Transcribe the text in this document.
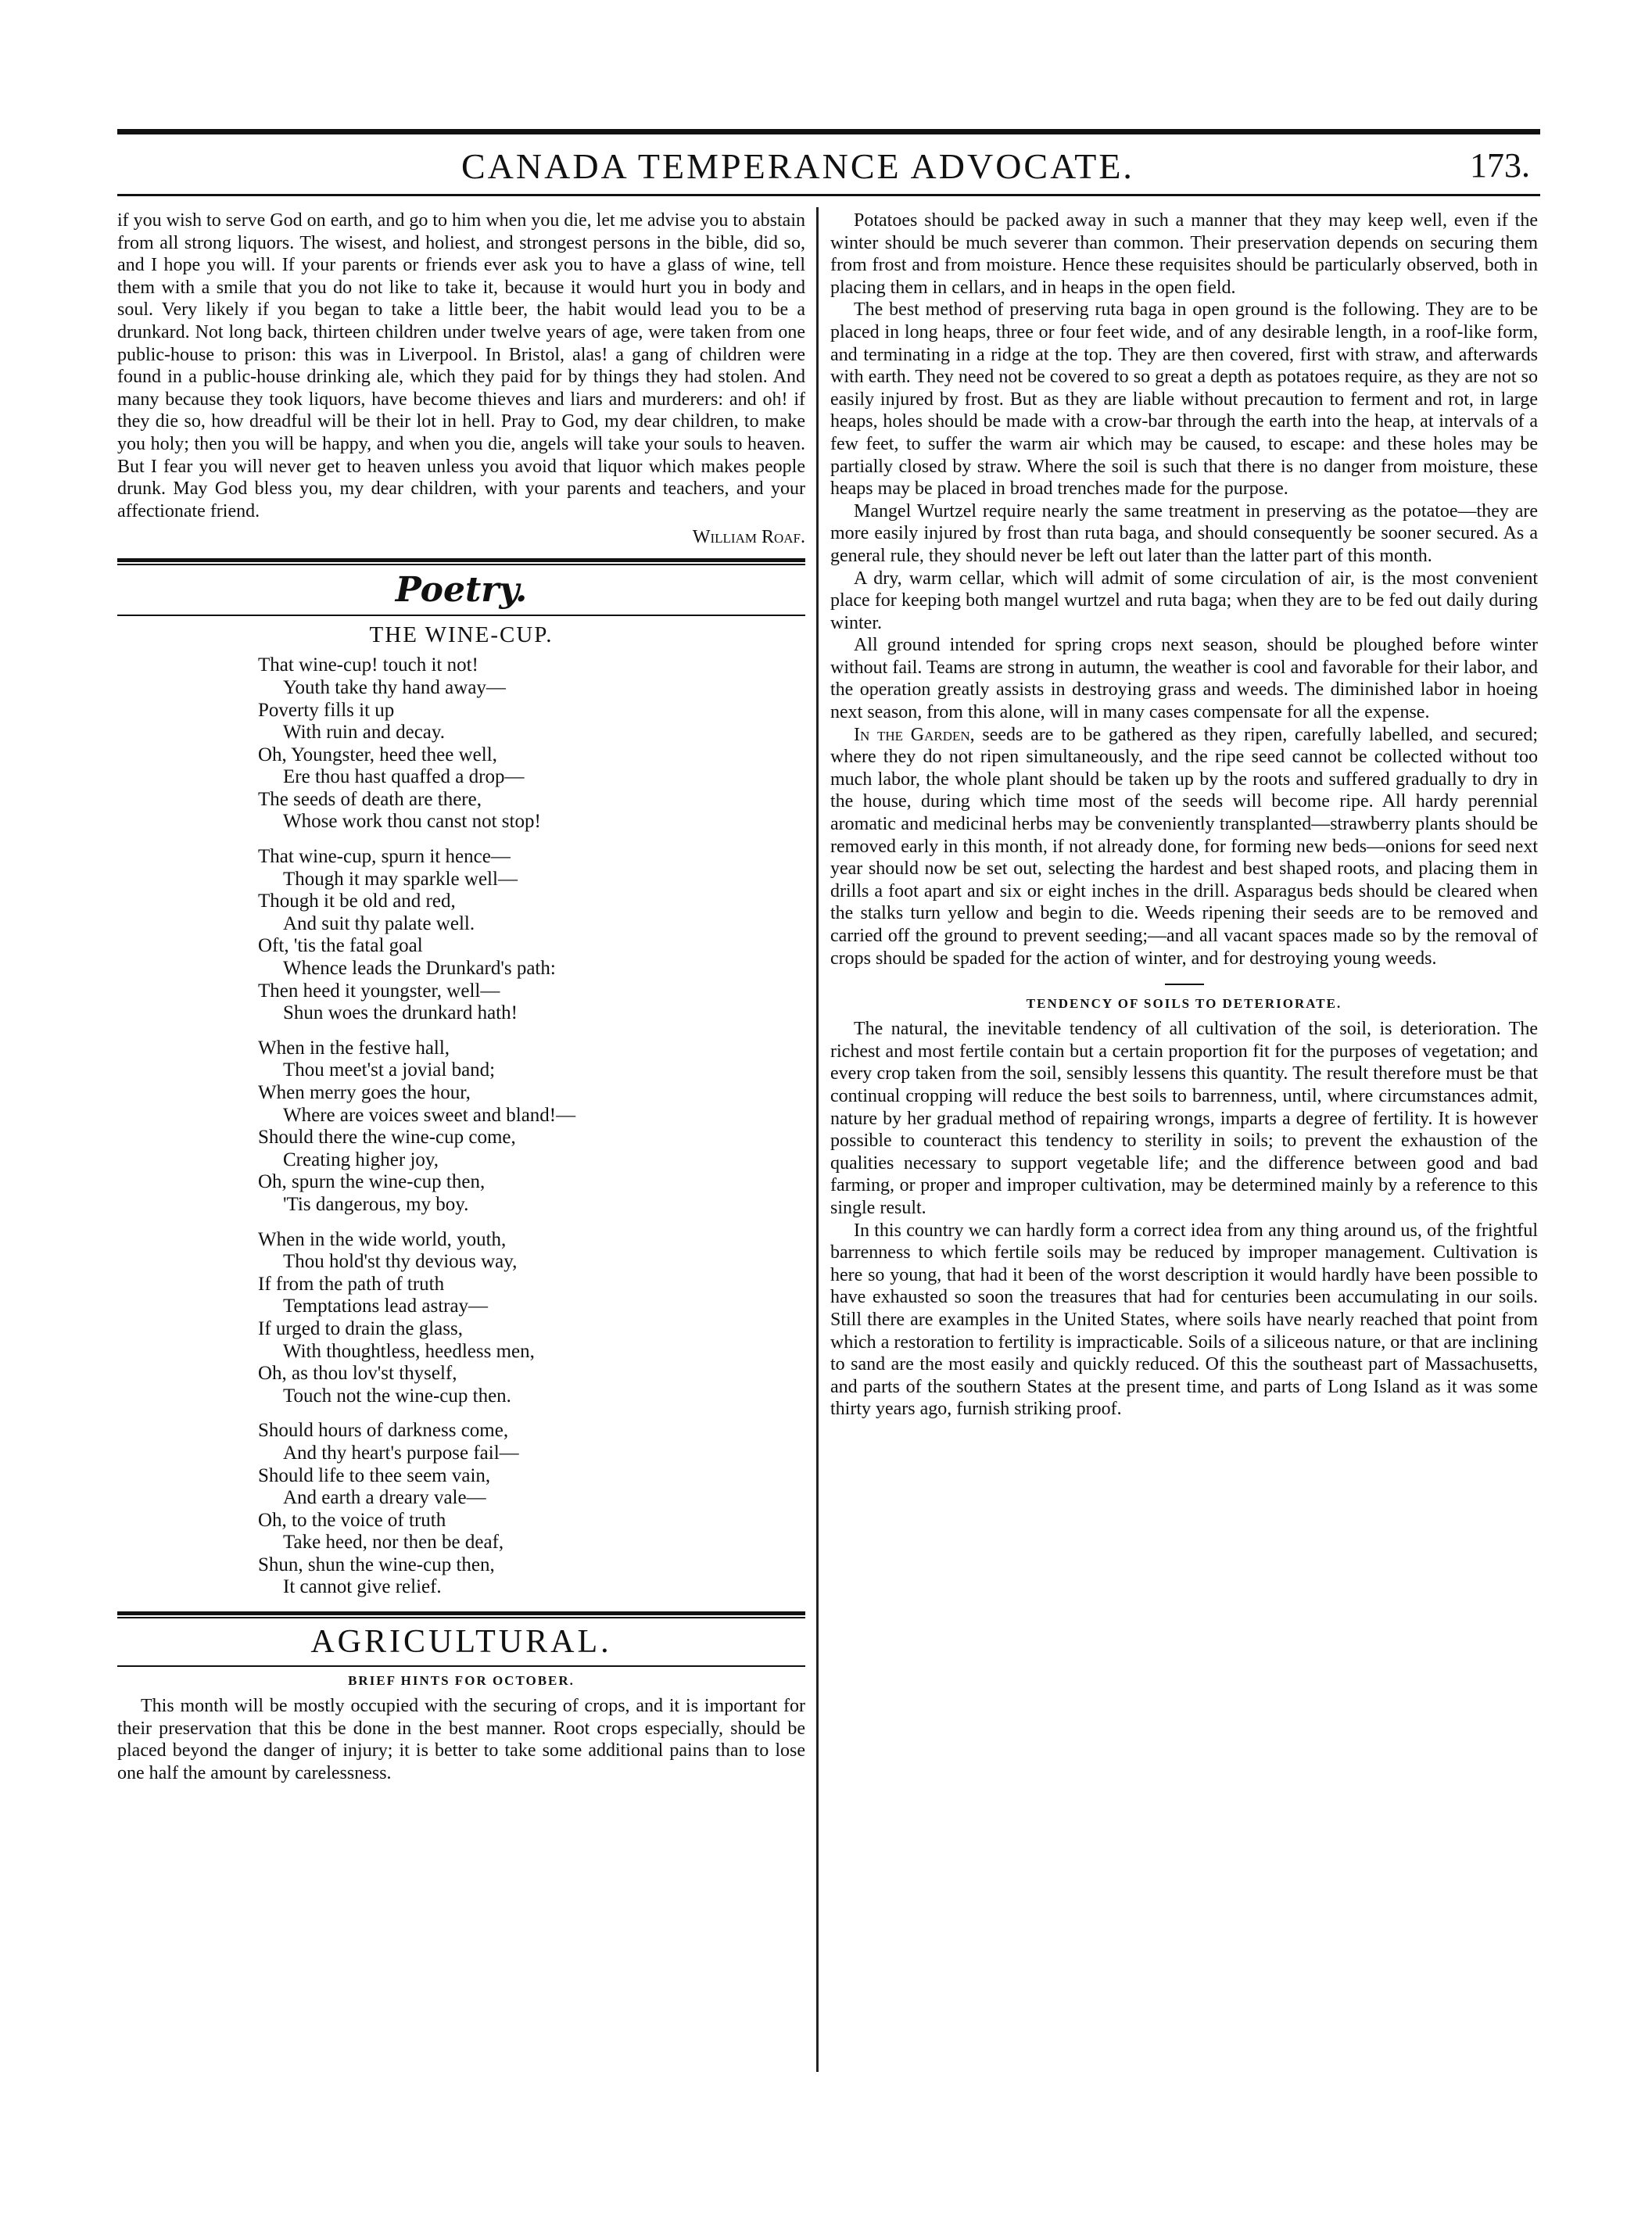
CANADA TEMPERANCE ADVOCATE.	173.

if you wish to serve God on earth, and go to him when you die, let me advise you to abstain from all strong liquors. The wisest, and holiest, and strongest persons in the bible, did so, and I hope you will. If your parents or friends ever ask you to have a glass of wine, tell them with a smile that you do not like to take it, because it would hurt you in body and soul. Very likely if you began to take a little beer, the habit would lead you to be a drunkard. Not long back, thirteen children under twelve years of age, were taken from one public-house to prison: this was in Liverpool. In Bristol, alas! a gang of children were found in a public-house drinking ale, which they paid for by things they had stolen. And many because they took liquors, have become thieves and liars and murderers: and oh! if they die so, how dreadful will be their lot in hell. Pray to God, my dear children, to make you holy; then you will be happy, and when you die, angels will take your souls to heaven. But I fear you will never get to heaven unless you avoid that liquor which makes people drunk. May God bless you, my dear children, with your parents and teachers, and your affectionate friend.

William Roaf.
Poetry.
THE WINE-CUP.
That wine-cup! touch it not!
Youth take thy hand away—
Poverty fills it up
With ruin and decay.
Oh, Youngster, heed thee well,
Ere thou hast quaffed a drop—
The seeds of death are there,
Whose work thou canst not stop!
That wine-cup, spurn it hence—
Though it may sparkle well—
Though it be old and red,
And suit thy palate well.
Oft, 'tis the fatal goal
Whence leads the Drunkard's path:
Then heed it youngster, well—
Shun woes the drunkard hath!
When in the festive hall,
Thou meet'st a jovial band;
When merry goes the hour,
Where are voices sweet and bland!—
Should there the wine-cup come,
Creating higher joy,
Oh, spurn the wine-cup then,
'Tis dangerous, my boy.
When in the wide world, youth,
Thou hold'st thy devious way,
If from the path of truth
Temptations lead astray—
If urged to drain the glass,
With thoughtless, heedless men,
Oh, as thou lov'st thyself,
Touch not the wine-cup then.
Should hours of darkness come,
And thy heart's purpose fail—
Should life to thee seem vain,
And earth a dreary vale—
Oh, to the voice of truth
Take heed, nor then be deaf,
Shun, shun the wine-cup then,
It cannot give relief.
AGRICULTURAL.
BRIEF HINTS FOR OCTOBER.

This month will be mostly occupied with the securing of crops, and it is important for their preservation that this be done in the best manner. Root crops especially, should be placed beyond the danger of injury; it is better to take some additional pains than to lose one half the amount by carelessness.

Potatoes should be packed away in such a manner that they may keep well, even if the winter should be much severer than common. Their preservation depends on securing them from frost and from moisture. Hence these requisites should be particularly observed, both in placing them in cellars, and in heaps in the open field.

The best method of preserving ruta baga in open ground is the following. They are to be placed in long heaps, three or four feet wide, and of any desirable length, in a roof-like form, and terminating in a ridge at the top. They are then covered, first with straw, and afterwards with earth. They need not be covered to so great a depth as potatoes require, as they are not so easily injured by frost. But as they are liable without precaution to ferment and rot, in large heaps, holes should be made with a crow-bar through the earth into the heap, at intervals of a few feet, to suffer the warm air which may be caused, to escape: and these holes may be partially closed by straw. Where the soil is such that there is no danger from moisture, these heaps may be placed in broad trenches made for the purpose.

Mangel Wurtzel require nearly the same treatment in preserving as the potatoe—they are more easily injured by frost than ruta baga, and should consequently be sooner secured. As a general rule, they should never be left out later than the latter part of this month.

A dry, warm cellar, which will admit of some circulation of air, is the most convenient place for keeping both mangel wurtzel and ruta baga; when they are to be fed out daily during winter.

All ground intended for spring crops next season, should be ploughed before winter without fail. Teams are strong in autumn, the weather is cool and favorable for their labor, and the operation greatly assists in destroying grass and weeds. The diminished labor in hoeing next season, from this alone, will in many cases compensate for all the expense.

In the Garden, seeds are to be gathered as they ripen, carefully labelled, and secured; where they do not ripen simultaneously, and the ripe seed cannot be collected without too much labor, the whole plant should be taken up by the roots and suffered gradually to dry in the house, during which time most of the seeds will become ripe. All hardy perennial aromatic and medicinal herbs may be conveniently transplanted—strawberry plants should be removed early in this month, if not already done, for forming new beds—onions for seed next year should now be set out, selecting the hardest and best shaped roots, and placing them in drills a foot apart and six or eight inches in the drill. Asparagus beds should be cleared when the stalks turn yellow and begin to die. Weeds ripening their seeds are to be removed and carried off the ground to prevent seeding;—and all vacant spaces made so by the removal of crops should be spaded for the action of winter, and for destroying young weeds.

TENDENCY OF SOILS TO DETERIORATE.

The natural, the inevitable tendency of all cultivation of the soil, is deterioration. The richest and most fertile contain but a certain proportion fit for the purposes of vegetation; and every crop taken from the soil, sensibly lessens this quantity. The result therefore must be that continual cropping will reduce the best soils to barrenness, until, where circumstances admit, nature by her gradual method of repairing wrongs, imparts a degree of fertility. It is however possible to counteract this tendency to sterility in soils; to prevent the exhaustion of the qualities necessary to support vegetable life; and the difference between good and bad farming, or proper and improper cultivation, may be determined mainly by a reference to this single result.

In this country we can hardly form a correct idea from any thing around us, of the frightful barrenness to which fertile soils may be reduced by improper management. Cultivation is here so young, that had it been of the worst description it would hardly have been possible to have exhausted so soon the treasures that had for centuries been accumulating in our soils. Still there are examples in the United States, where soils have nearly reached that point from which a restoration to fertility is impracticable. Soils of a siliceous nature, or that are inclining to sand are the most easily and quickly reduced. Of this the southeast part of Massachusetts, and parts of the southern States at the present time, and parts of Long Island as it was some thirty years ago, furnish striking proof.
